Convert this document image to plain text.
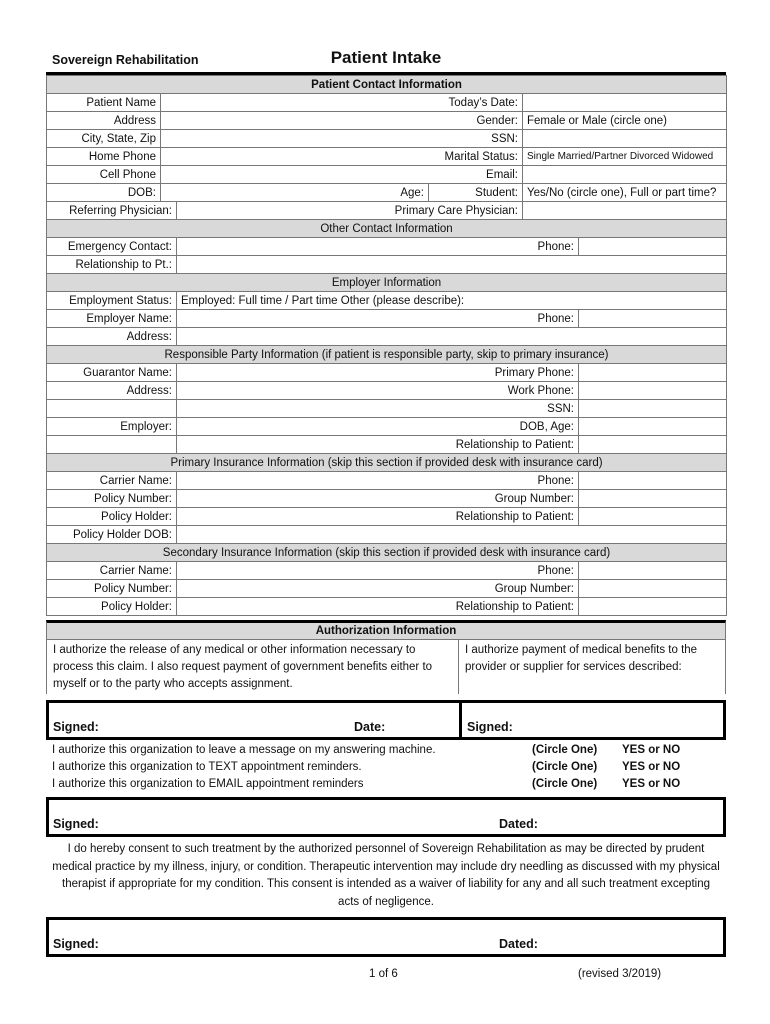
Sovereign Rehabilitation	Patient Intake
Patient Contact Information					
Patient Name	Today’s Date:				
Address	Gender:			Female or Male (circle one)	
City, State, Zip	SSN:				
Home Phone	Marital Status:			Single Married/Partner Divorced Widowed	
Cell Phone	Email:				
DOB:	Age:		Student:	Yes/No (circle one), Full or part time?	
Referring Physician:		Primary Care Physician:			
Other Contact Information					
Emergency Contact:		Phone:			
Relationship to Pt.:					
Employer Information					
Employment Status:		Employed: Full time / Part time Other (please describe):			
Employer Name:		Phone:			
Address:					
Responsible Party Information (if patient is responsible party, skip to primary insurance)					
Guarantor Name:		Primary Phone:			
Address:		Work Phone:			
		SSN:			
Employer:		DOB, Age:			
		Relationship to Patient:			
Primary Insurance Information (skip this section if provided desk with insurance card)					
Carrier Name:		Phone:			
Policy Number:		Group Number:			
Policy Holder:		Relationship to Patient:			
Policy Holder DOB:					
Secondary Insurance Information (skip this section if provided desk with insurance card)					
Carrier Name:		Phone:			
Policy Number:		Group Number:			
Policy Holder:		Relationship to Patient:			
Authorization Information
I authorize the release of any medical or other information necessary to process this claim. I also request payment of government benefits either to myself or to the party who accepts assignment.
I authorize payment of medical benefits to the provider or supplier for services described:
Signed:	Date:	Signed:
I authorize this organization to leave a message on my answering machine.	(Circle One)	YES or NO
I authorize this organization to TEXT appointment reminders.	(Circle One)	YES or NO
I authorize this organization to EMAIL appointment reminders	(Circle One)	YES or NO
Signed:	Dated:
I do hereby consent to such treatment by the authorized personnel of Sovereign Rehabilitation as may be directed by prudent medical practice by my illness, injury, or condition. Therapeutic intervention may include dry needling as discussed with my physical therapist if appropriate for my condition. This consent is intended as a waiver of liability for any and all such treatment excepting acts of negligence.
Signed:	Dated:
1 of 6	(revised 3/2019)
